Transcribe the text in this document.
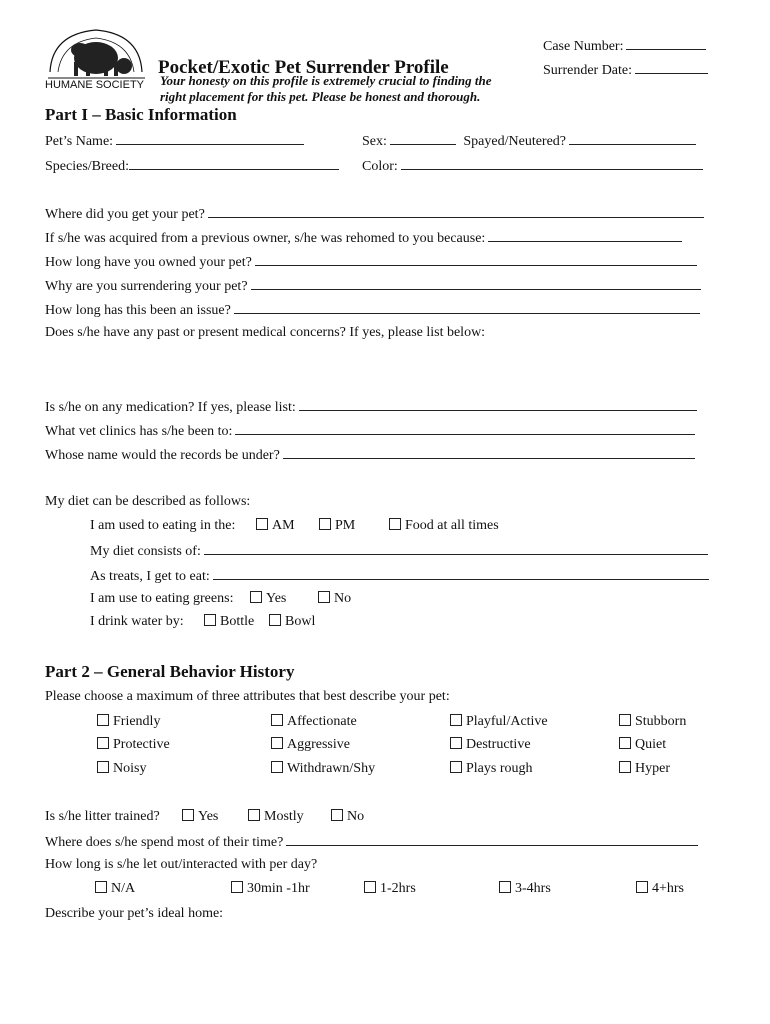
HUMANE SOCIETY
Pocket/Exotic Pet Surrender Profile
Your honesty on this profile is extremely crucial to finding the
right placement for this pet. Please be honest and thorough.
Case Number:
Surrender Date:
Part I – Basic Information
Pet’s Name:	Sex:	Spayed/Neutered?
Species/Breed:	Color:
Where did you get your pet?
If s/he was acquired from a previous owner, s/he was rehomed to you because:
How long have you owned your pet?
Why are you surrendering your pet?
How long has this been an issue?
Does s/he have any past or present medical concerns? If yes, please list below:
Is s/he on any medication? If yes, please list:
What vet clinics has s/he been to:
Whose name would the records be under?
My diet can be described as follows:
I am used to eating in the:	AM	PM	Food at all times
My diet consists of:
As treats, I get to eat:
I am use to eating greens:	Yes	No
I drink water by:	Bottle	Bowl
Part 2 – General Behavior History
Please choose a maximum of three attributes that best describe your pet:
Friendly	Affectionate	Playful/Active	Stubborn
Protective	Aggressive	Destructive	Quiet
Noisy	Withdrawn/Shy	Plays rough	Hyper
Is s/he litter trained?	Yes	Mostly	No
Where does s/he spend most of their time?
How long is s/he let out/interacted with per day?
N/A	30min -1hr	1-2hrs	3-4hrs	4+hrs
Describe your pet’s ideal home:
